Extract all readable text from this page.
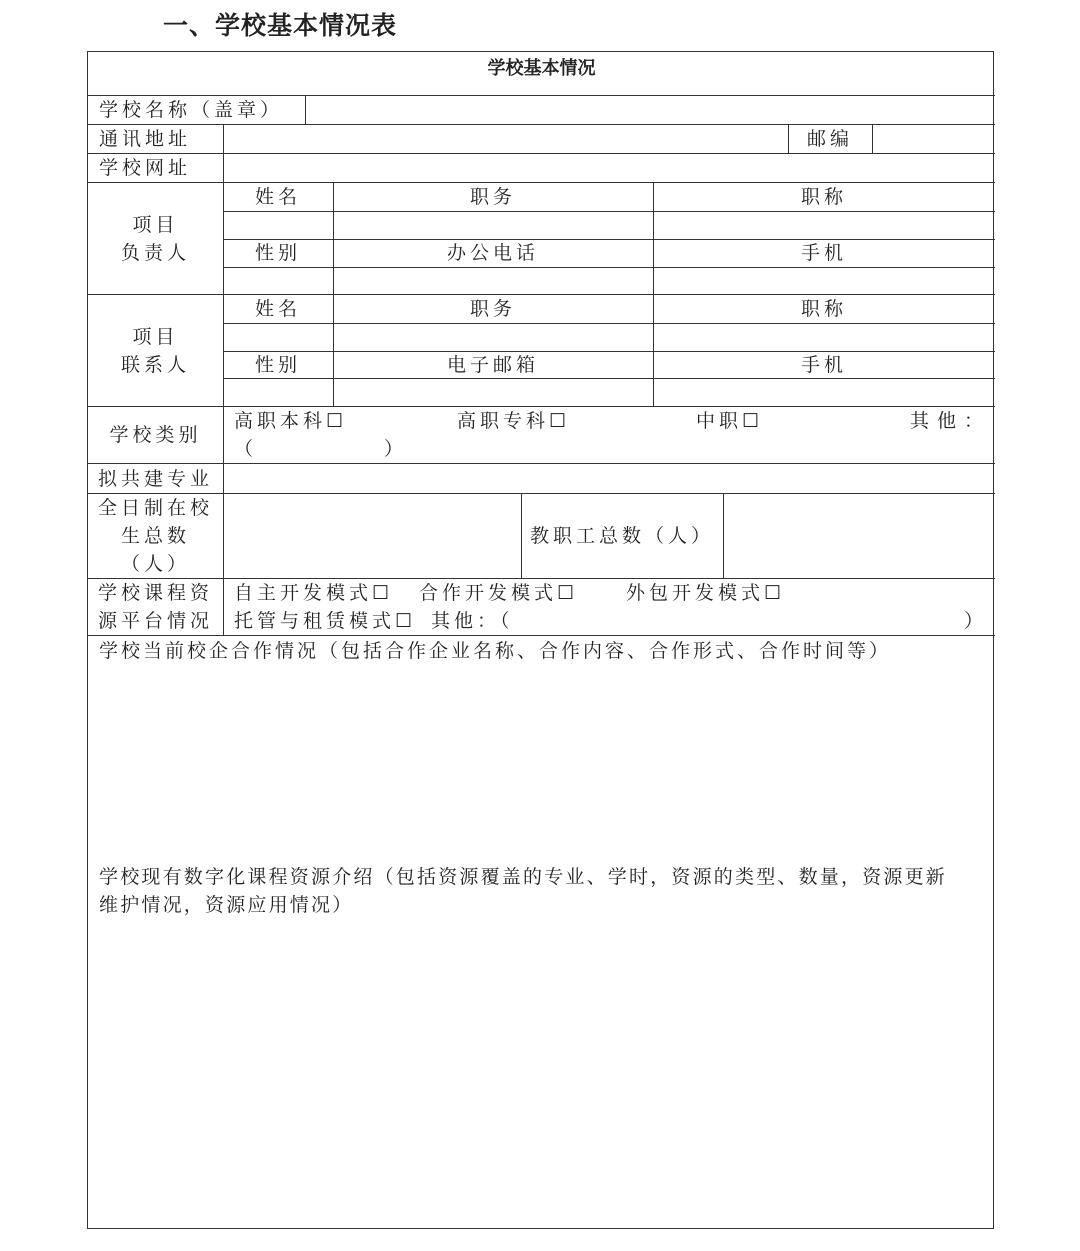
一、学校基本情况表
学校基本情况
学校名称（盖章）
通讯地址	邮编
学校网址
项目
负责人
姓名	职务	职称
性别	办公电话	手机
项目
联系人
姓名	职务	职称
性别	电子邮箱	手机
学校类别
高职本科☐	高职专科☐	中职☐	其他：
（	）
拟共建专业
全日制在校
生总数
（人）
教职工总数（人）
学校课程资
源平台情况
自主开发模式☐ 合作开发模式☐	外包开发模式☐
托管与租赁模式☐ 其他：（	）
学校当前校企合作情况（包括合作企业名称、合作内容、合作形式、合作时间等）
学校现有数字化课程资源介绍（包括资源覆盖的专业、学时，资源的类型、数量，资源更新
维护情况，资源应用情况）
